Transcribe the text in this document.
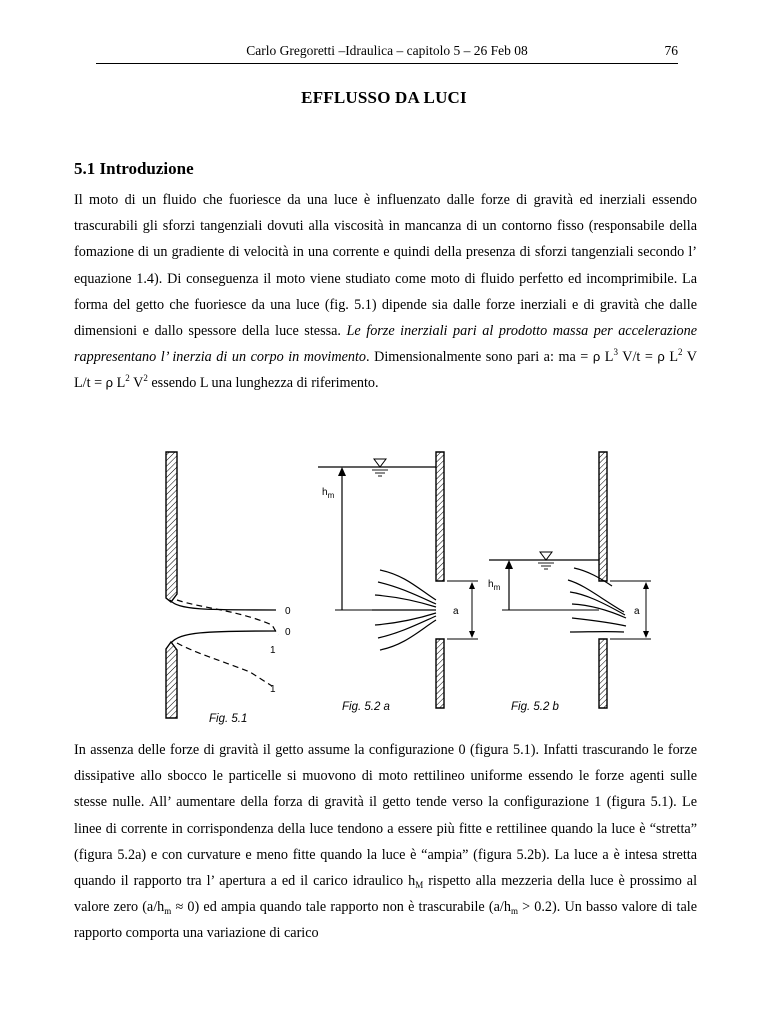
Carlo Gregoretti –Idraulica – capitolo 5 – 26 Feb 08	76
EFFLUSSO DA LUCI
5.1 Introduzione
Il moto di un fluido che fuoriesce da una luce è influenzato dalle forze di gravità ed inerziali essendo trascurabili gli sforzi tangenziali dovuti alla viscosità in mancanza di un contorno fisso (responsabile della fomazione di un gradiente di velocità in una corrente e quindi della presenza di sforzi tangenziali secondo l’ equazione 1.4). Di conseguenza il moto viene studiato come moto di fluido perfetto ed incomprimibile. La forma del getto che fuoriesce da una luce (fig. 5.1) dipende sia dalle forze inerziali e di gravità che dalle dimensioni e dallo spessore della luce stessa. Le forze inerziali pari al prodotto massa per accelerazione rappresentano l’ inerzia di un corpo in movimento. Dimensionalmente sono pari a: ma = ρ $L^3$ V/t = ρ $L^2$ V L/t = ρ $L^2$ $V^2$ essendo L una lunghezza di riferimento.
0
0
1
1
Fig. 5.1
$h_m$
a
Fig. 5.2 a
$h_m$
a
Fig. 5.2 b
In assenza delle forze di gravità il getto assume la configurazione 0 (figura 5.1). Infatti trascurando le forze dissipative allo sbocco le particelle si muovono di moto rettilineo uniforme essendo le forze agenti sulle stesse nulle. All’ aumentare della forza di gravità il getto tende verso la configurazione 1 (figura 5.1). Le linee di corrente in corrispondenza della luce tendono a essere più fitte e rettilinee quando la luce è “stretta” (figura 5.2a) e con curvature e meno fitte quando la luce è “ampia” (figura 5.2b). La luce a è intesa stretta quando il rapporto tra l’ apertura a ed il carico idraulico $h_M$ rispetto alla mezzeria della luce è prossimo al valore zero $(a/h_m \approx 0)$ ed ampia quando tale rapporto non è trascurabile $(a/h_m > 0.2)$. Un basso valore di tale rapporto comporta una variazione di carico
